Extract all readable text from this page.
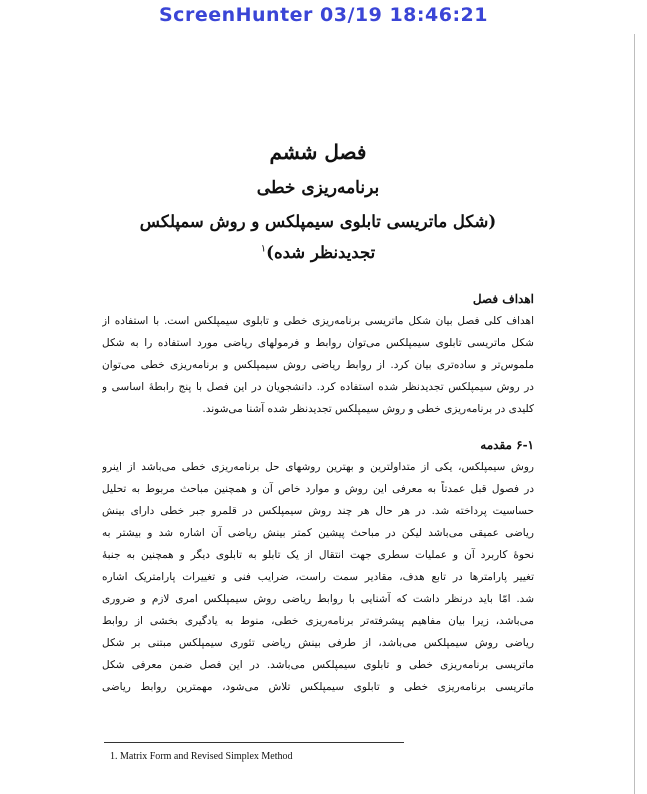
ScreenHunter 03/19 18:46:21
فصل ششم
برنامه‌ریزی خطی
(شکل ماتریسی تابلوی سیمپلکس و روش سمپلکس
تجدیدنظر شده)$^۱$
اهداف فصل
اهداف کلی فصل بیان شکل ماتریسی برنامه‌ریزی خطی و تابلوی سیمپلکس است. با استفاده از
شکل ماتریسی تابلوی سیمپلکس می‌توان روابط و فرمولهای ریاضی مورد استفاده را به شکل
ملموس‌تر و ساده‌تری بیان کرد. از روابط ریاضی روش سیمپلکس و برنامه‌ریزی خطی می‌توان
در روش سیمپلکس تجدیدنظر شده استفاده کرد. دانشجویان در این فصل با پنج رابطهٔ اساسی و
کلیدی در برنامه‌ریزی خطی و روش سیمپلکس تجدیدنظر شده آشنا می‌شوند.
۶-۱ مقدمه
روش سیمپلکس، یکی از متداولترین و بهترین روشهای حل برنامه‌ریزی خطی می‌باشد از اینرو
در فصول قبل عمدتاً به معرفی این روش و موارد خاص آن و همچنین مباحث مربوط به تحلیل
حساسیت پرداخته شد. در هر حال هر چند روش سیمپلکس در قلمرو جبر خطی دارای بینش
ریاضی عمیقی می‌باشد لیکن در مباحث پیشین کمتر بینش ریاضی آن اشاره شد و بیشتر به
نحوهٔ کاربرد آن و عملیات سطری جهت انتقال از یک تابلو به تابلوی دیگر و همچنین به جنبهٔ
تغییر پارامترها در تابع هدف، مقادیر سمت راست، ضرایب فنی و تغییرات پارامتریک اشاره
شد. امّا باید درنظر داشت که آشنایی با روابط ریاضی روش سیمپلکس امری لازم و ضروری
می‌باشد، زیرا بیان مفاهیم پیشرفته‌تر برنامه‌ریزی خطی، منوط به یادگیری بخشی از روابط
ریاضی روش سیمپلکس می‌باشد، از طرفی بینش ریاضی تئوری سیمپلکس مبتنی بر شکل
ماتریسی برنامه‌ریزی خطی و تابلوی سیمپلکس می‌باشد. در این فصل ضمن معرفی شکل
ماتریسی برنامه‌ریزی خطی و تابلوی سیمپلکس تلاش می‌شود، مهمترین روابط ریاضی
1. Matrix Form and Revised Simplex Method
